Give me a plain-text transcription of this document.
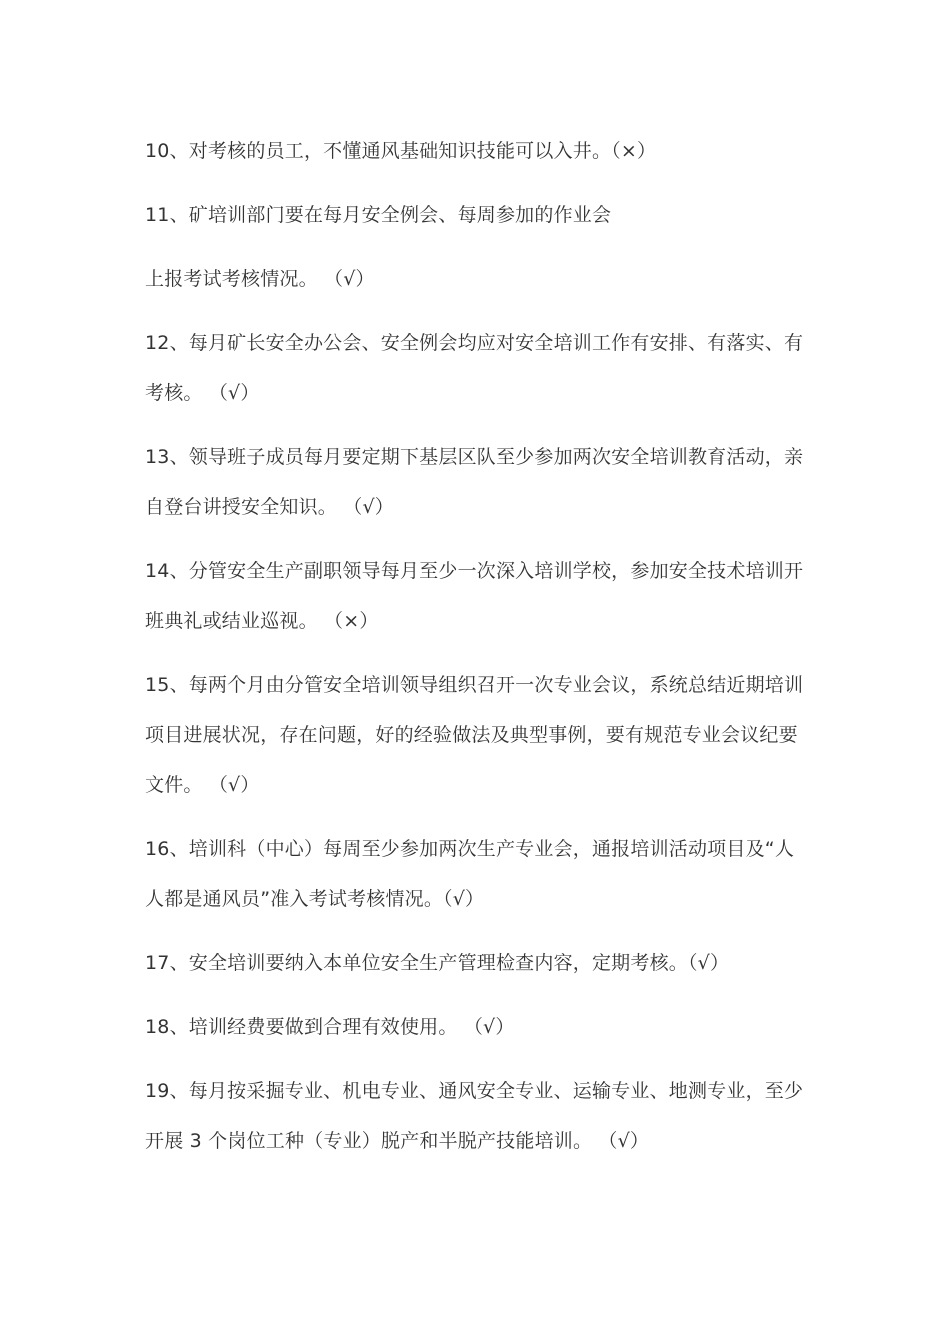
10、对考核的员工，不懂通风基础知识技能可以入井。（×）
11、矿培训部门要在每月安全例会、每周参加的作业会
上报考试考核情况。 （√）
12、每月矿长安全办公会、安全例会均应对安全培训工作有安排、有落实、有
考核。 （√）
13、领导班子成员每月要定期下基层区队至少参加两次安全培训教育活动，亲
自登台讲授安全知识。 （√）
14、分管安全生产副职领导每月至少一次深入培训学校，参加安全技术培训开
班典礼或结业巡视。 （×）
15、每两个月由分管安全培训领导组织召开一次专业会议，系统总结近期培训
项目进展状况，存在问题，好的经验做法及典型事例，要有规范专业会议纪要
文件。 （√）
16、培训科（中心）每周至少参加两次生产专业会，通报培训活动项目及“人
人都是通风员”准入考试考核情况。（√）
17、安全培训要纳入本单位安全生产管理检查内容，定期考核。（√）
18、培训经费要做到合理有效使用。 （√）
19、每月按采掘专业、机电专业、通风安全专业、运输专业、地测专业，至少
开展 3 个岗位工种（专业）脱产和半脱产技能培训。 （√）
